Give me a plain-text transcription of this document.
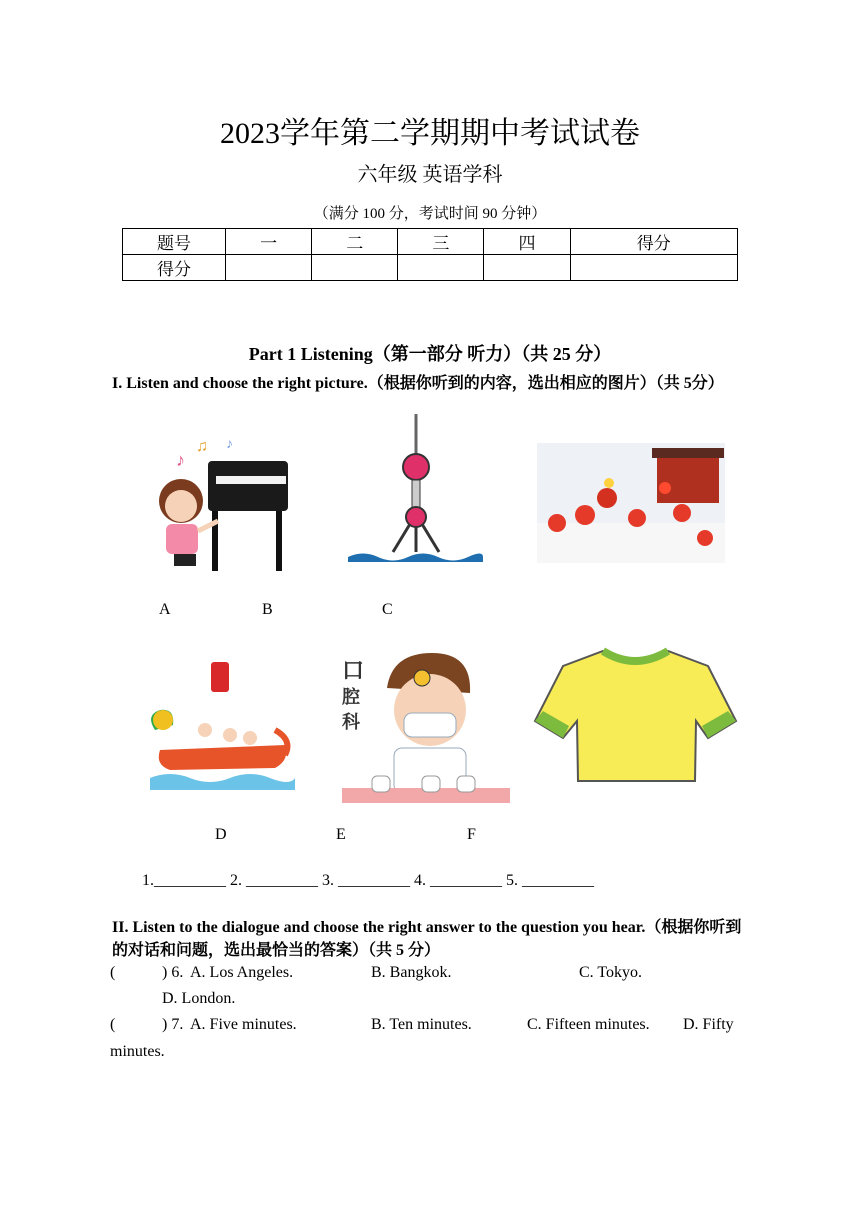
2023学年第二学期期中考试试卷
六年级 英语学科
（满分 100 分，考试时间 90 分钟）
题号	一	二	三	四	得分
得分					
Part 1 Listening（第一部分 听力）（共 25 分）
I. Listen and choose the right picture.（根据你听到的内容，选出相应的图片）（共 5分）
♪
♫ ♪
A	B	C
口
腔
科
D	E	F
1._________ 2. _________ 3. _________ 4. _________ 5. _________
II. Listen to the dialogue and choose the right answer to the question you hear.（根据你听到的对话和问题，选出最恰当的答案）（共 5 分）
(	) 6. A. Los Angeles.	B. Bangkok.	C. Tokyo.
D. London.
(	) 7. A. Five minutes.	B. Ten minutes.	C. Fifteen minutes. D. Fifty
minutes.
